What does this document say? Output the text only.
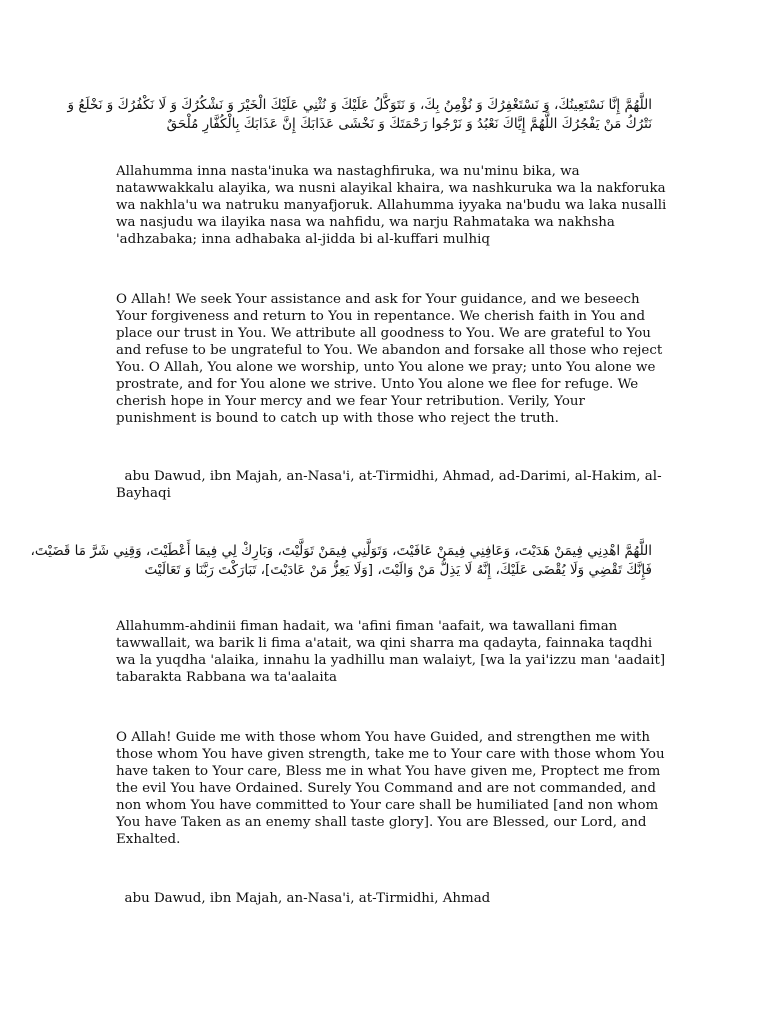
اللَّهُمَّ إِنَّا نَسْتَعِينُكَ، وَ نَسْتَغْفِرُكَ وَ نُؤْمِنُ بِكَ، وَ نَتَوَكَّلُ عَلَيْكَ وَ نُثْنِي عَلَيْكَ الْخَيْرَ وَ نَشْكُرُكَ وَ لَا نَكْفُرُكَ وَ نَخْلَعُ وَ
نَتْرُكُ مَنْ يَفْجُرُكَ اللَّهُمَّ إِيَّاكَ نَعْبُدُ وَ نَرْجُوا رَحْمَتَكَ وَ نَخْشَى عَذَابَكَ إِنَّ عَذَابَكَ بِالْكُفَّارِ مُلْحَقٌ

Allahumma inna nasta'inuka wa nastaghfiruka, wa nu'minu bika, wa
natawwakkalu alayika, wa nusni alayikal khaira, wa nashkuruka wa la nakforuka
wa nakhla'u wa natruku manyafjoruk. Allahumma iyyaka na'budu wa laka nusalli
wa nasjudu wa ilayika nasa wa nahfidu, wa narju Rahmataka wa nakhsha
'adhzabaka; inna adhabaka al-jidda bi al-kuffari mulhiq

O Allah! We seek Your assistance and ask for Your guidance, and we beseech
Your forgiveness and return to You in repentance. We cherish faith in You and
place our trust in You. We attribute all goodness to You. We are grateful to You
and refuse to be ungrateful to You. We abandon and forsake all those who reject
You. O Allah, You alone we worship, unto You alone we pray; unto You alone we
prostrate, and for You alone we strive. Unto You alone we flee for refuge. We
cherish hope in Your mercy and we fear Your retribution. Verily, Your
punishment is bound to catch up with those who reject the truth.

abu Dawud, ibn Majah, an-Nasa'i, at-Tirmidhi, Ahmad, ad-Darimi, al-Hakim, al-
Bayhaqi
اللَّهُمَّ اهْدِنِي فِيمَنْ هَدَيْتَ، وَعَافِنِي فِيمَنْ عَافَيْتَ، وَتَوَلَّنِي فِيمَنْ تَوَلَّيْتَ، وَبَارِكْ لِي فِيمَا أَعْطَيْتَ، وَقِنِي شَرَّ مَا قَضَيْتَ،
فَإِنَّكَ تَقْضِي وَلَا يُقْضَى عَلَيْكَ، إِنَّهُ لَا يَذِلُّ مَنْ وَالَيْتَ، [وَلَا يَعِزُّ مَنْ عَادَيْتَ]، تَبَارَكْتَ رَبَّنَا وَ تَعَالَيْتَ

Allahumm-ahdinii fiman hadait, wa 'afini fiman 'aafait, wa tawallani fiman
tawwallait, wa barik li fima a'atait, wa qini sharra ma qadayta, fainnaka taqdhi
wa la yuqdha 'alaika, innahu la yadhillu man walaiyt, [wa la yai'izzu man 'aadait]
tabarakta Rabbana wa ta'aalaita

O Allah! Guide me with those whom You have Guided, and strengthen me with
those whom You have given strength, take me to Your care with those whom You
have taken to Your care, Bless me in what You have given me, Proptect me from
the evil You have Ordained. Surely You Command and are not commanded, and
non whom You have committed to Your care shall be humiliated [and non whom
You have Taken as an enemy shall taste glory]. You are Blessed, our Lord, and
Exhalted.

abu Dawud, ibn Majah, an-Nasa'i, at-Tirmidhi, Ahmad
